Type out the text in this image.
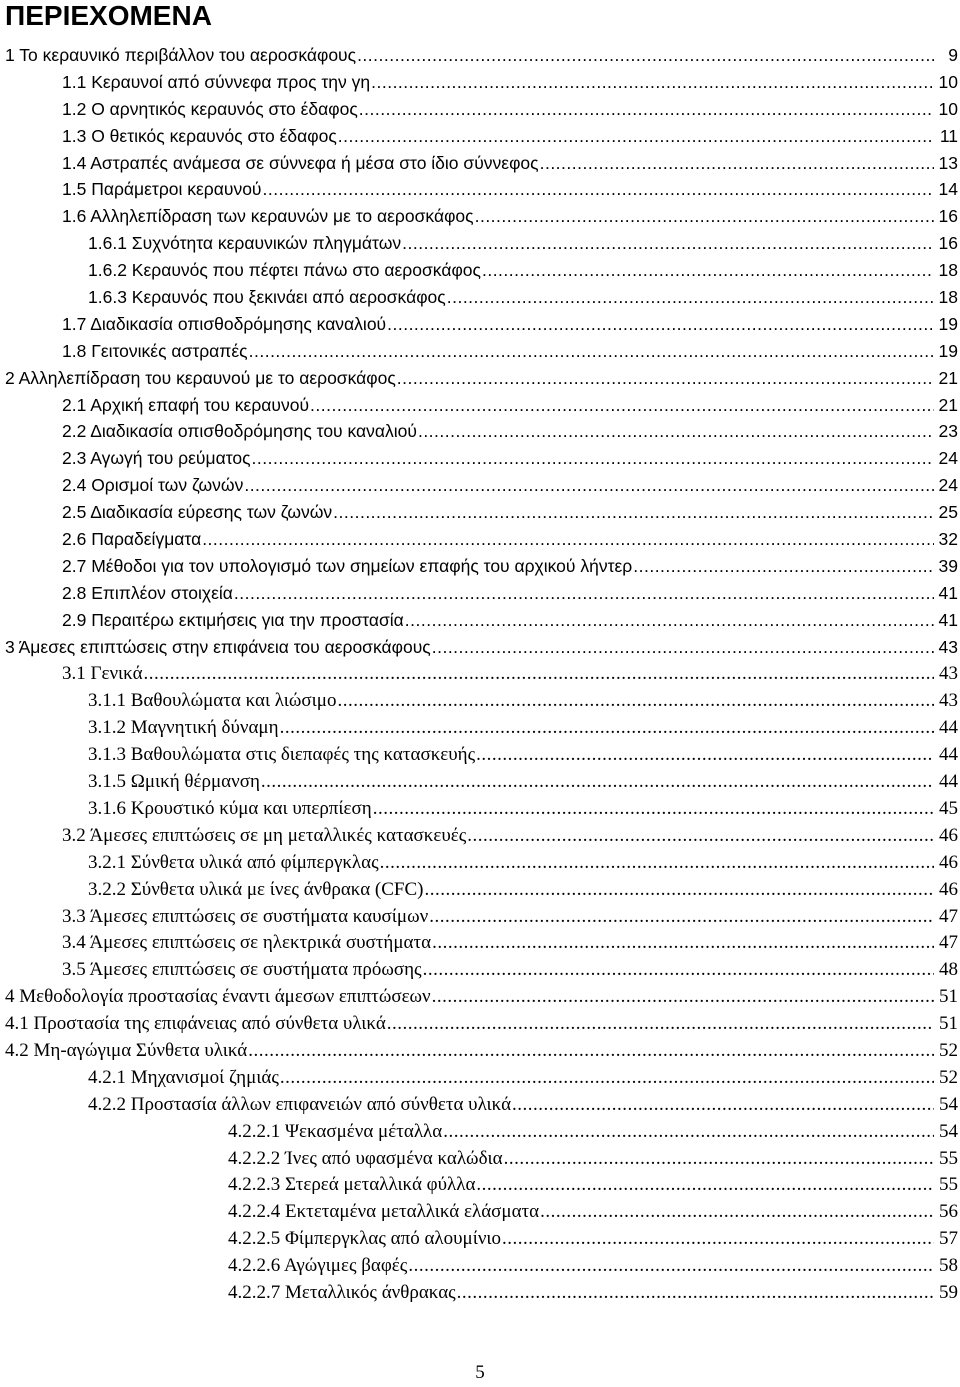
ΠΕΡΙΕΧΟΜΕΝΑ
1 Το κεραυνικό περιβάλλον του αεροσκάφους .....	9
1.1 Κεραυνοί από σύννεφα προς την γη .....	10
1.2 Ο αρνητικός κεραυνός στο έδαφος .....	10
1.3 Ο θετικός κεραυνός στο έδαφος .....	11
1.4 Αστραπές ανάμεσα σε σύννεφα ή μέσα στο ίδιο σύννεφος .....	13
1.5 Παράμετροι κεραυνού .....	14
1.6 Αλληλεπίδραση των κεραυνών με το αεροσκάφος .....	16
1.6.1 Συχνότητα κεραυνικών πληγμάτων .....	16
1.6.2 Κεραυνός που πέφτει πάνω στο αεροσκάφος .....	18
1.6.3 Κεραυνός που ξεκινάει από αεροσκάφος .....	18
1.7 Διαδικασία οπισθοδρόμησης καναλιού .....	19
1.8 Γειτονικές αστραπές .....	19
2 Αλληλεπίδραση του κεραυνού με το αεροσκάφος .....	21
2.1 Αρχική επαφή του κεραυνού .....	21
2.2 Διαδικασία οπισθοδρόμησης του καναλιού .....	23
2.3 Αγωγή του ρεύματος .....	24
2.4 Ορισμοί των ζωνών .....	24
2.5 Διαδικασία εύρεσης των ζωνών .....	25
2.6 Παραδείγματα .....	32
2.7 Μέθοδοι για τον υπολογισμό των σημείων επαφής του αρχικού λήντερ .....	39
2.8 Επιπλέον στοιχεία .....	41
2.9 Περαιτέρω εκτιμήσεις για την προστασία .....	41
3 Άμεσες επιπτώσεις στην επιφάνεια του αεροσκάφους .....	43
3.1 Γενικά .....	43
3.1.1 Βαθουλώματα και λιώσιμο .....	43
3.1.2 Μαγνητική δύναμη .....	44
3.1.3 Βαθουλώματα στις διεπαφές της κατασκευής .....	44
3.1.5 Ωμική θέρμανση .....	44
3.1.6 Κρουστικό κύμα και υπερπίεση .....	45
3.2 Άμεσες επιπτώσεις σε μη μεταλλικές κατασκευές .....	46
3.2.1 Σύνθετα υλικά από φίμπεργκλας .....	46
3.2.2 Σύνθετα υλικά με ίνες άνθρακα (CFC) .....	46
3.3 Άμεσες επιπτώσεις σε συστήματα καυσίμων .....	47
3.4 Άμεσες επιπτώσεις σε ηλεκτρικά συστήματα .....	47
3.5 Άμεσες επιπτώσεις σε συστήματα πρόωσης .....	48
4 Μεθοδολογία προστασίας έναντι άμεσων επιπτώσεων .....	51
4.1 Προστασία της επιφάνειας από σύνθετα υλικά .....	51
4.2 Μη-αγώγιμα Σύνθετα υλικά .....	52
4.2.1 Μηχανισμοί ζημιάς .....	52
4.2.2 Προστασία άλλων επιφανειών από σύνθετα υλικά .....	54
4.2.2.1 Ψεκασμένα μέταλλα .....	54
4.2.2.2 Ίνες από υφασμένα καλώδια .....	55
4.2.2.3 Στερεά μεταλλικά φύλλα .....	55
4.2.2.4 Εκτεταμένα μεταλλικά ελάσματα .....	56
4.2.2.5 Φίμπεργκλας από αλουμίνιο .....	57
4.2.2.6 Αγώγιμες βαφές .....	58
4.2.2.7 Μεταλλικός άνθρακας .....	59
5
